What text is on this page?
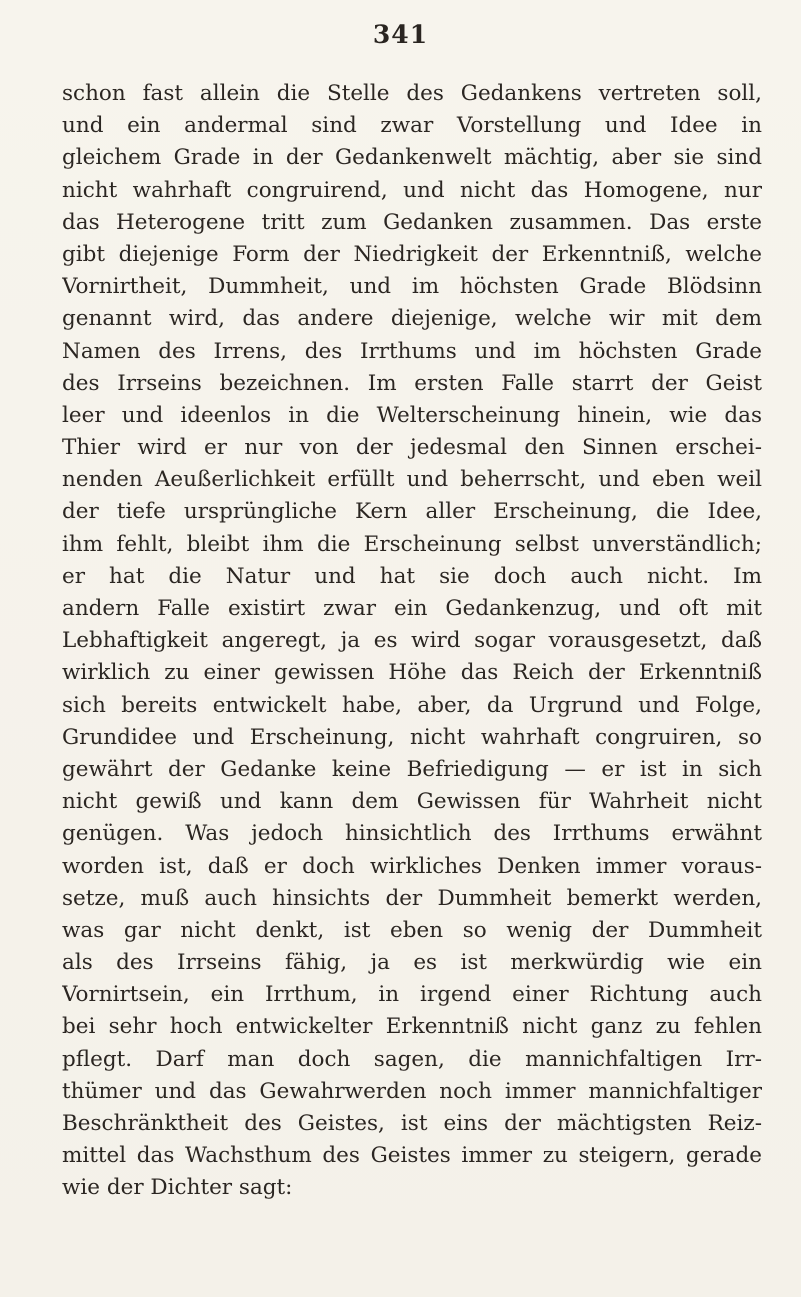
341
schon fast allein die Stelle des Gedankens vertreten soll,
und ein andermal sind zwar Vorstellung und Idee in
gleichem Grade in der Gedankenwelt mächtig, aber sie sind
nicht wahrhaft congruirend, und nicht das Homogene, nur
das Heterogene tritt zum Gedanken zusammen. Das erste
gibt diejenige Form der Niedrigkeit der Erkenntniß, welche
Vornirtheit, Dummheit, und im höchsten Grade Blödsinn
genannt wird, das andere diejenige, welche wir mit dem
Namen des Irrens, des Irrthums und im höchsten Grade
des Irrseins bezeichnen. Im ersten Falle starrt der Geist
leer und ideenlos in die Welterscheinung hinein, wie das
Thier wird er nur von der jedesmal den Sinnen erschei-
nenden Aeußerlichkeit erfüllt und beherrscht, und eben weil
der tiefe ursprüngliche Kern aller Erscheinung, die Idee,
ihm fehlt, bleibt ihm die Erscheinung selbst unverständlich;
er hat die Natur und hat sie doch auch nicht. Im
andern Falle existirt zwar ein Gedankenzug, und oft mit
Lebhaftigkeit angeregt, ja es wird sogar vorausgesetzt, daß
wirklich zu einer gewissen Höhe das Reich der Erkenntniß
sich bereits entwickelt habe, aber, da Urgrund und Folge,
Grundidee und Erscheinung, nicht wahrhaft congruiren, so
gewährt der Gedanke keine Befriedigung — er ist in sich
nicht gewiß und kann dem Gewissen für Wahrheit nicht
genügen. Was jedoch hinsichtlich des Irrthums erwähnt
worden ist, daß er doch wirkliches Denken immer voraus-
setze, muß auch hinsichts der Dummheit bemerkt werden,
was gar nicht denkt, ist eben so wenig der Dummheit
als des Irrseins fähig, ja es ist merkwürdig wie ein
Vornirtsein, ein Irrthum, in irgend einer Richtung auch
bei sehr hoch entwickelter Erkenntniß nicht ganz zu fehlen
pflegt. Darf man doch sagen, die mannichfaltigen Irr-
thümer und das Gewahrwerden noch immer mannichfaltiger
Beschränktheit des Geistes, ist eins der mächtigsten Reiz-
mittel das Wachsthum des Geistes immer zu steigern, gerade
wie der Dichter sagt:
